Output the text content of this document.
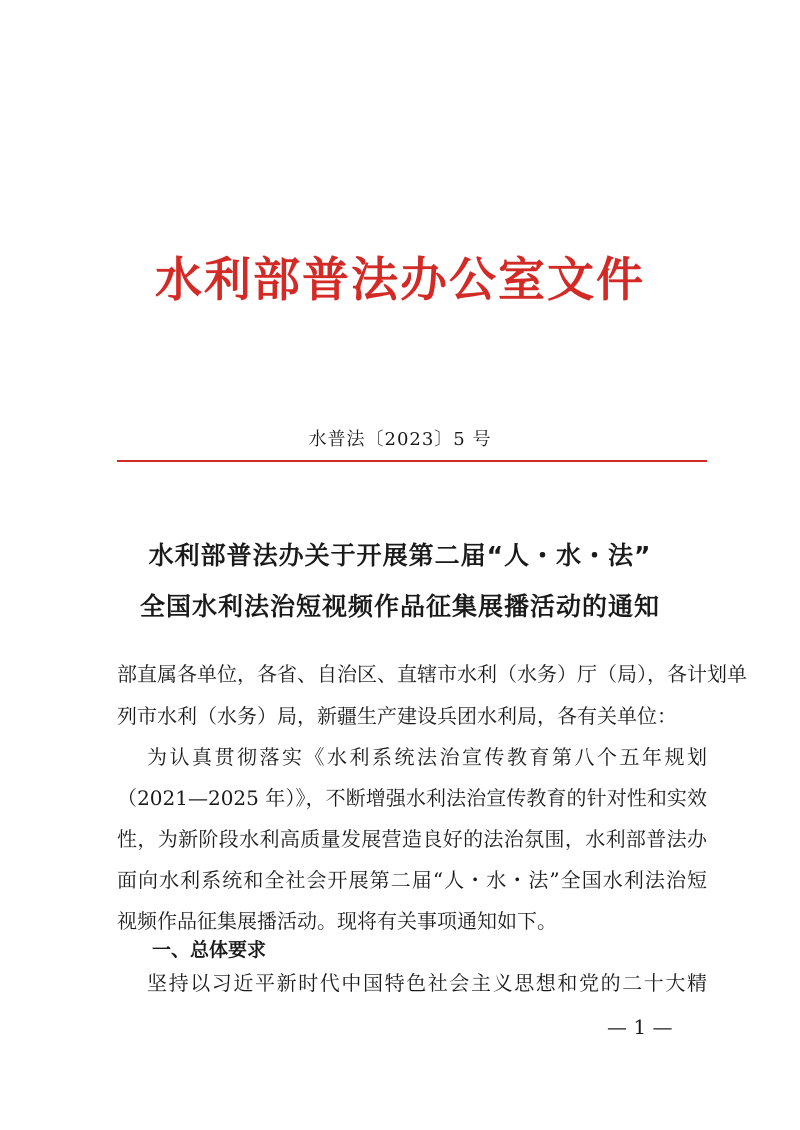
水利部普法办公室文件
水普法〔2023〕5 号
水利部普法办关于开展第二届“人・水・法”
全国水利法治短视频作品征集展播活动的通知
部直属各单位，各省、自治区、直辖市水利（水务）厅（局），各计划单
列市水利（水务）局，新疆生产建设兵团水利局，各有关单位：
为认真贯彻落实《水利系统法治宣传教育第八个五年规划
（2021—2025 年）》，不断增强水利法治宣传教育的针对性和实效
性，为新阶段水利高质量发展营造良好的法治氛围，水利部普法办
面向水利系统和全社会开展第二届“人・水・法”全国水利法治短
视频作品征集展播活动。现将有关事项通知如下。
一、总体要求
坚持以习近平新时代中国特色社会主义思想和党的二十大精
— 1 —
